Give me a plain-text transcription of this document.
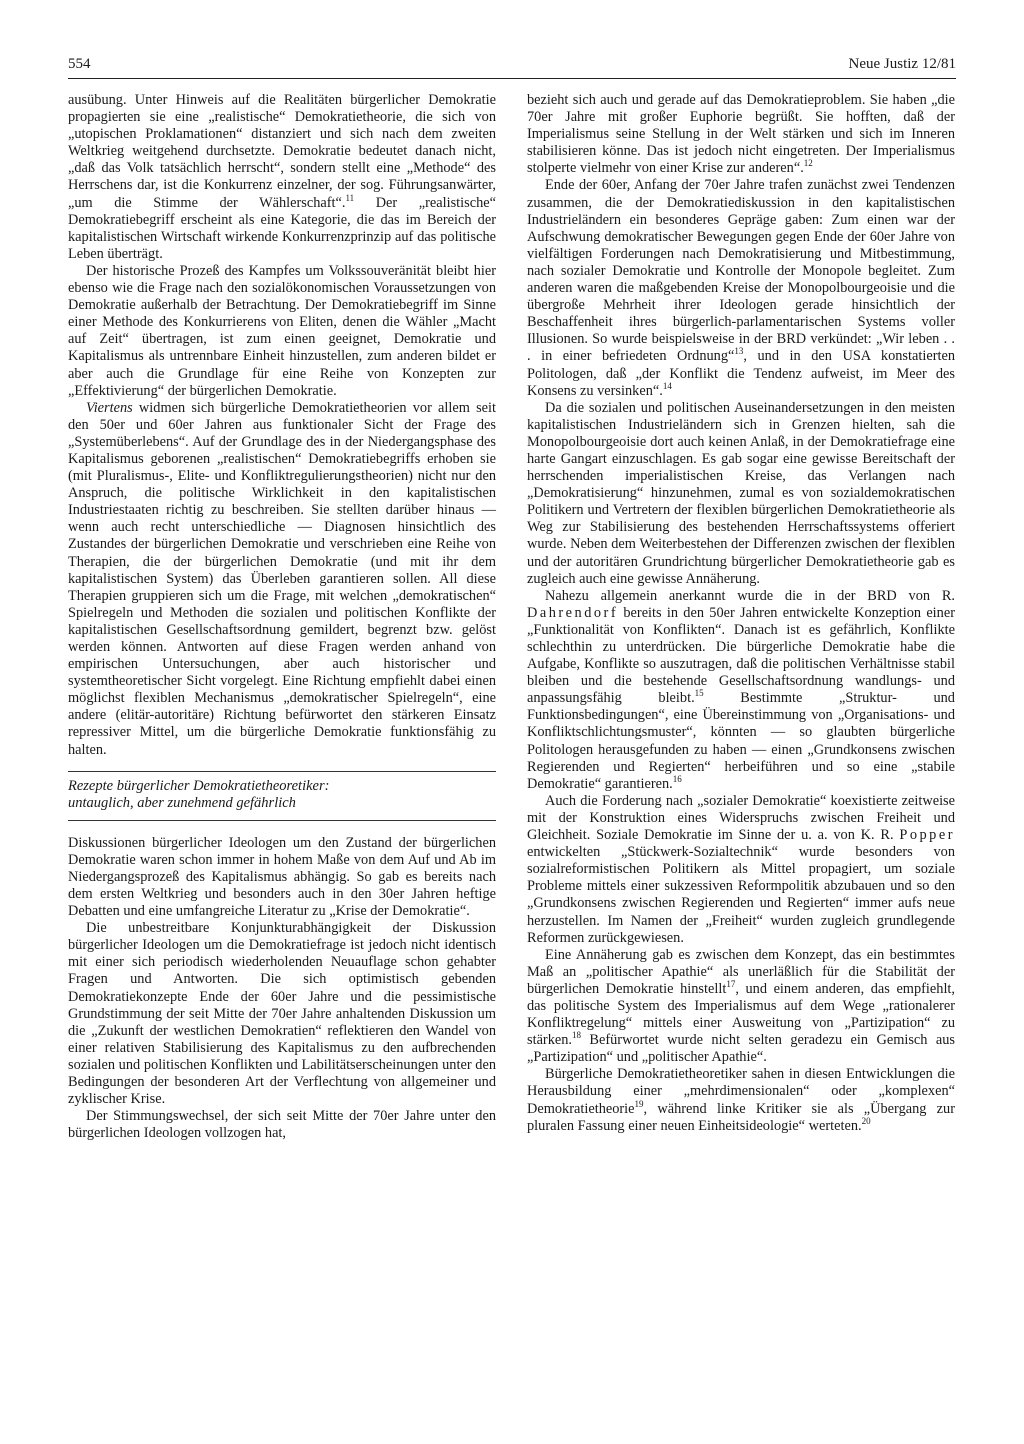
554	Neue Justiz 12/81

ausübung. Unter Hinweis auf die Realitäten bürgerlicher Demokratie propagierten sie eine „realistische“ Demokratietheorie, die sich von „utopischen Proklamationen“ distanziert und sich nach dem zweiten Weltkrieg weitgehend durchsetzte. Demokratie bedeutet danach nicht, „daß das Volk tatsächlich herrscht“, sondern stellt eine „Methode“ des Herrschens dar, ist die Konkurrenz einzelner, der sog. Führungsanwärter, „um die Stimme der Wählerschaft“.$^{11}$ Der „realistische“ Demokratiebegriff erscheint als eine Kategorie, die das im Bereich der kapitalistischen Wirtschaft wirkende Konkurrenzprinzip auf das politische Leben überträgt.

Der historische Prozeß des Kampfes um Volkssouveränität bleibt hier ebenso wie die Frage nach den sozialökonomischen Voraussetzungen von Demokratie außerhalb der Betrachtung. Der Demokratiebegriff im Sinne einer Methode des Konkurrierens von Eliten, denen die Wähler „Macht auf Zeit“ übertragen, ist zum einen geeignet, Demokratie und Kapitalismus als untrennbare Einheit hinzustellen, zum anderen bildet er aber auch die Grundlage für eine Reihe von Konzepten zur „Effektivierung“ der bürgerlichen Demokratie.

Viertens widmen sich bürgerliche Demokratietheorien vor allem seit den 50er und 60er Jahren aus funktionaler Sicht der Frage des „Systemüberlebens“. Auf der Grundlage des in der Niedergangsphase des Kapitalismus geborenen „realistischen“ Demokratiebegriffs erhoben sie (mit Pluralismus-, Elite- und Konfliktregulierungstheorien) nicht nur den Anspruch, die politische Wirklichkeit in den kapitalistischen Industriestaaten richtig zu beschreiben. Sie stellten darüber hinaus — wenn auch recht unterschiedliche — Diagnosen hinsichtlich des Zustandes der bürgerlichen Demokratie und verschrieben eine Reihe von Therapien, die der bürgerlichen Demokratie (und mit ihr dem kapitalistischen System) das Überleben garantieren sollen. All diese Therapien gruppieren sich um die Frage, mit welchen „demokratischen“ Spielregeln und Methoden die sozialen und politischen Konflikte der kapitalistischen Gesellschaftsordnung gemildert, begrenzt bzw. gelöst werden können. Antworten auf diese Fragen werden anhand von empirischen Untersuchungen, aber auch historischer und systemtheoretischer Sicht vorgelegt. Eine Richtung empfiehlt dabei einen möglichst flexiblen Mechanismus „demokratischer Spielregeln“, eine andere (elitär-autoritäre) Richtung befürwortet den stärkeren Einsatz repressiver Mittel, um die bürgerliche Demokratie funktionsfähig zu halten.

Rezepte bürgerlicher Demokratietheoretiker:
untauglich, aber zunehmend gefährlich

Diskussionen bürgerlicher Ideologen um den Zustand der bürgerlichen Demokratie waren schon immer in hohem Maße von dem Auf und Ab im Niedergangsprozeß des Kapitalismus abhängig. So gab es bereits nach dem ersten Weltkrieg und besonders auch in den 30er Jahren heftige Debatten und eine umfangreiche Literatur zu „Krise der Demokratie“.

Die unbestreitbare Konjunkturabhängigkeit der Diskussion bürgerlicher Ideologen um die Demokratiefrage ist jedoch nicht identisch mit einer sich periodisch wiederholenden Neuauflage schon gehabter Fragen und Antworten. Die sich optimistisch gebenden Demokratiekonzepte Ende der 60er Jahre und die pessimistische Grundstimmung der seit Mitte der 70er Jahre anhaltenden Diskussion um die „Zukunft der westlichen Demokratien“ reflektieren den Wandel von einer relativen Stabilisierung des Kapitalismus zu den aufbrechenden sozialen und politischen Konflikten und Labilitätserscheinungen unter den Bedingungen der besonderen Art der Verflechtung von allgemeiner und zyklischer Krise.

Der Stimmungswechsel, der sich seit Mitte der 70er Jahre unter den bürgerlichen Ideologen vollzogen hat,

bezieht sich auch und gerade auf das Demokratieproblem. Sie haben „die 70er Jahre mit großer Euphorie begrüßt. Sie hofften, daß der Imperialismus seine Stellung in der Welt stärken und sich im Inneren stabilisieren könne. Das ist jedoch nicht eingetreten. Der Imperialismus stolperte vielmehr von einer Krise zur anderen“.$^{12}$

Ende der 60er, Anfang der 70er Jahre trafen zunächst zwei Tendenzen zusammen, die der Demokratiediskussion in den kapitalistischen Industrieländern ein besonderes Gepräge gaben: Zum einen war der Aufschwung demokratischer Bewegungen gegen Ende der 60er Jahre von vielfältigen Forderungen nach Demokratisierung und Mitbestimmung, nach sozialer Demokratie und Kontrolle der Monopole begleitet. Zum anderen waren die maßgebenden Kreise der Monopolbourgeoisie und die übergroße Mehrheit ihrer Ideologen gerade hinsichtlich der Beschaffenheit ihres bürgerlich-parlamentarischen Systems voller Illusionen. So wurde beispielsweise in der BRD verkündet: „Wir leben . . . in einer befriedeten Ordnung“$^{13}$, und in den USA konstatierten Politologen, daß „der Konflikt die Tendenz aufweist, im Meer des Konsens zu versinken“.$^{14}$

Da die sozialen und politischen Auseinandersetzungen in den meisten kapitalistischen Industrieländern sich in Grenzen hielten, sah die Monopolbourgeoisie dort auch keinen Anlaß, in der Demokratiefrage eine harte Gangart einzuschlagen. Es gab sogar eine gewisse Bereitschaft der herrschenden imperialistischen Kreise, das Verlangen nach „Demokratisierung“ hinzunehmen, zumal es von sozialdemokratischen Politikern und Vertretern der flexiblen bürgerlichen Demokratietheorie als Weg zur Stabilisierung des bestehenden Herrschaftssystems offeriert wurde. Neben dem Weiterbestehen der Differenzen zwischen der flexiblen und der autoritären Grundrichtung bürgerlicher Demokratietheorie gab es zugleich auch eine gewisse Annäherung.

Nahezu allgemein anerkannt wurde die in der BRD von R. Dahrendorf bereits in den 50er Jahren entwickelte Konzeption einer „Funktionalität von Konflikten“. Danach ist es gefährlich, Konflikte schlechthin zu unterdrücken. Die bürgerliche Demokratie habe die Aufgabe, Konflikte so auszutragen, daß die politischen Verhältnisse stabil bleiben und die bestehende Gesellschaftsordnung wandlungs- und anpassungsfähig bleibt.$^{15}$ Bestimmte „Struktur- und Funktionsbedingungen“, eine Übereinstimmung von „Organisations- und Konfliktschlichtungsmuster“, könnten — so glaubten bürgerliche Politologen herausgefunden zu haben — einen „Grundkonsens zwischen Regierenden und Regierten“ herbeiführen und so eine „stabile Demokratie“ garantieren.$^{16}$

Auch die Forderung nach „sozialer Demokratie“ koexistierte zeitweise mit der Konstruktion eines Widerspruchs zwischen Freiheit und Gleichheit. Soziale Demokratie im Sinne der u. a. von K. R. Popper entwickelten „Stückwerk-Sozialtechnik“ wurde besonders von sozialreformistischen Politikern als Mittel propagiert, um soziale Probleme mittels einer sukzessiven Reformpolitik abzubauen und so den „Grundkonsens zwischen Regierenden und Regierten“ immer aufs neue herzustellen. Im Namen der „Freiheit“ wurden zugleich grundlegende Reformen zurückgewiesen.

Eine Annäherung gab es zwischen dem Konzept, das ein bestimmtes Maß an „politischer Apathie“ als unerläßlich für die Stabilität der bürgerlichen Demokratie hinstellt$^{17}$, und einem anderen, das empfiehlt, das politische System des Imperialismus auf dem Wege „rationalerer Konfliktregelung“ mittels einer Ausweitung von „Partizipation“ zu stärken.$^{18}$ Befürwortet wurde nicht selten geradezu ein Gemisch aus „Partizipation“ und „politischer Apathie“.

Bürgerliche Demokratietheoretiker sahen in diesen Entwicklungen die Herausbildung einer „mehrdimensionalen“ oder „komplexen“ Demokratietheorie$^{19}$, während linke Kritiker sie als „Übergang zur pluralen Fassung einer neuen Einheitsideologie“ werteten.$^{20}$
